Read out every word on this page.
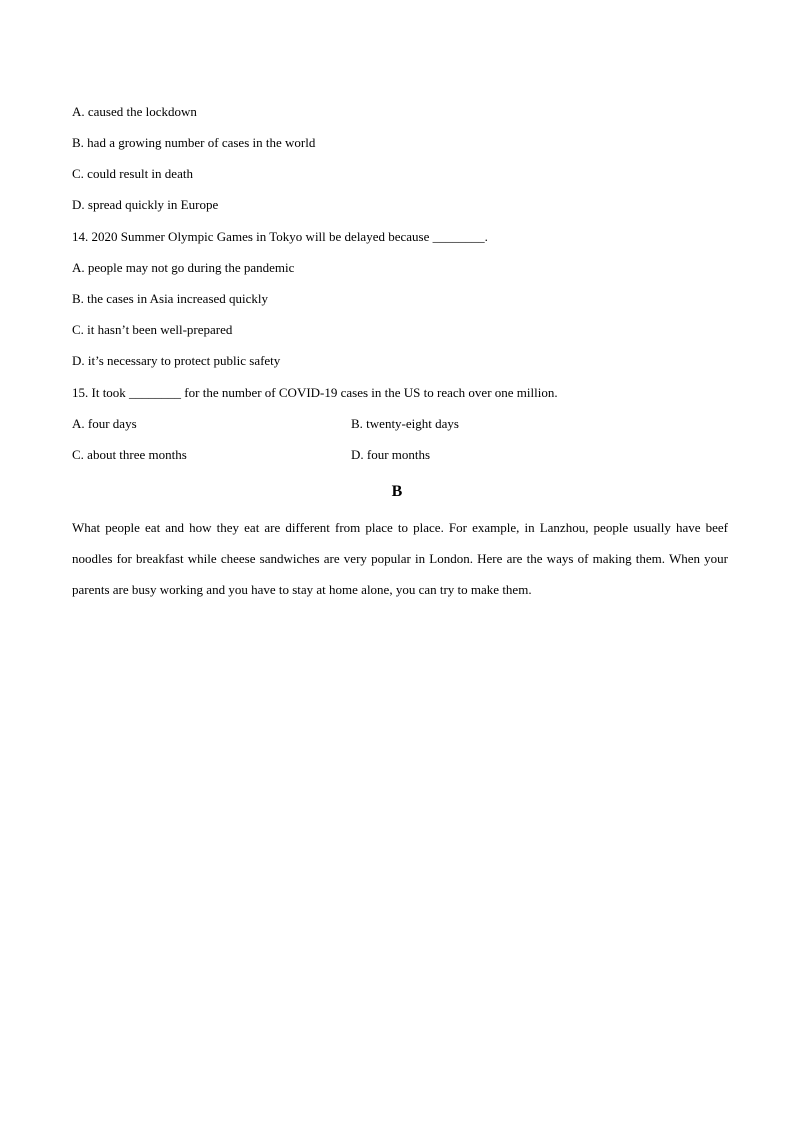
A. caused the lockdown
B. had a growing number of cases in the world
C. could result in death
D. spread quickly in Europe
14. 2020 Summer Olympic Games in Tokyo will be delayed because ________.
A. people may not go during the pandemic
B. the cases in Asia increased quickly
C. it hasn’t been well-prepared
D. it’s necessary to protect public safety
15. It took ________ for the number of COVID-19 cases in the US to reach over one million.
A. four days	B. twenty-eight days
C. about three months	D. four months
B
What people eat and how they eat are different from place to place. For example, in Lanzhou, people usually have beef noodles for breakfast while cheese sandwiches are very popular in London. Here are the ways of making them. When your parents are busy working and you have to stay at home alone, you can try to make them.
